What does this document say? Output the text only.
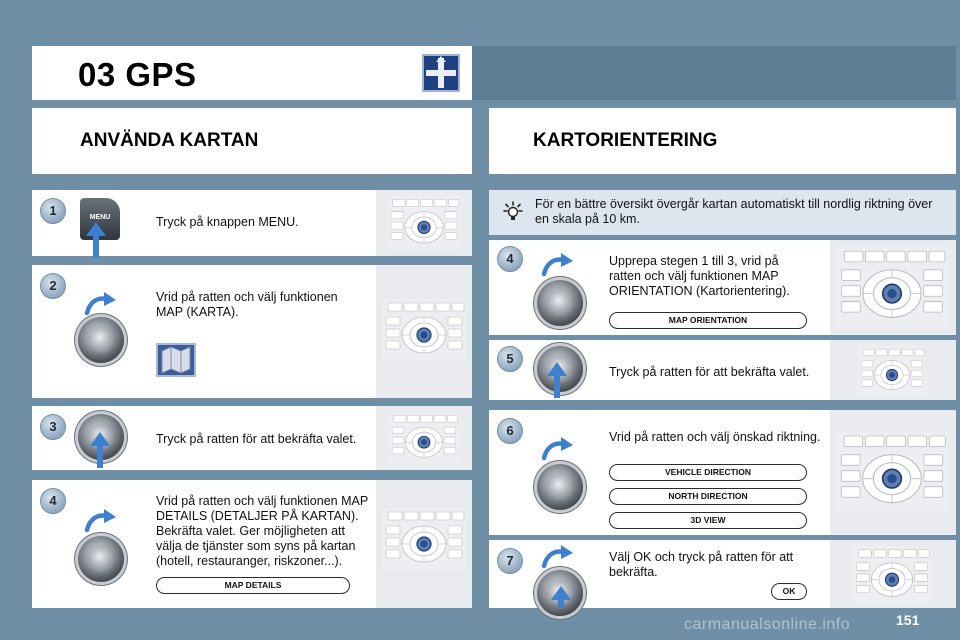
03 GPS
ANVÄNDA KARTAN	KARTORIENTERING
MENU	Tryck på knappen MENU.
1
Vrid på ratten och välj funktionen MAP (KARTA).
2
Tryck på ratten för att bekräfta valet.
3
Vrid på ratten och välj funktionen MAP DETAILS (DETALJER PÅ KARTAN). Bekräfta valet. Ger möjligheten att välja de tjänster som syns på kartan (hotell, restauranger, riskzoner...).
MAP DETAILS
4
För en bättre översikt övergår kartan automatiskt till nordlig riktning över en skala på 10 km.
Upprepa stegen 1 till 3, vrid på ratten och välj funktionen MAP ORIENTATION (Kartorientering).
MAP ORIENTATION
4
Tryck på ratten för att bekräfta valet.
5
Vrid på ratten och välj önskad riktning.
VEHICLE DIRECTION
NORTH DIRECTION
3D VIEW
6
Välj OK och tryck på ratten för att bekräfta.
OK
7
carmanualsonline.info	151
